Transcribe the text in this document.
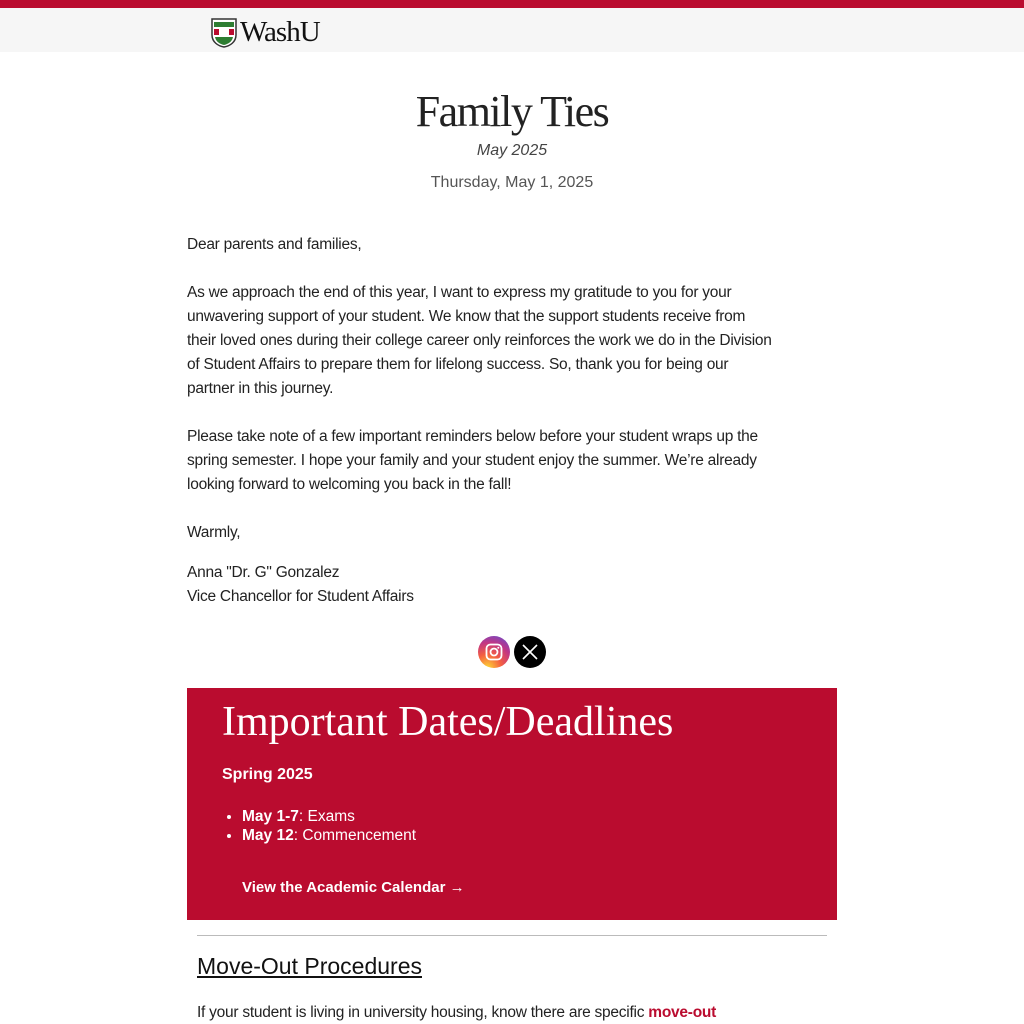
WashU
Family Ties
May 2025
Thursday, May 1, 2025
Dear parents and families,
As we approach the end of this year, I want to express my gratitude to you for your
unwavering support of your student. We know that the support students receive from
their loved ones during their college career only reinforces the work we do in the Division
of Student Affairs to prepare them for lifelong success. So, thank you for being our
partner in this journey.
Please take note of a few important reminders below before your student wraps up the
spring semester. I hope your family and your student enjoy the summer. We’re already
looking forward to welcoming you back in the fall!
Warmly,
Anna "Dr. G" Gonzalez
Vice Chancellor for Student Affairs
Important Dates/Deadlines
Spring 2025
• May 1-7: Exams
• May 12: Commencement
View the Academic Calendar →
Move-Out Procedures
If your student is living in university housing, know there are specific move-out
